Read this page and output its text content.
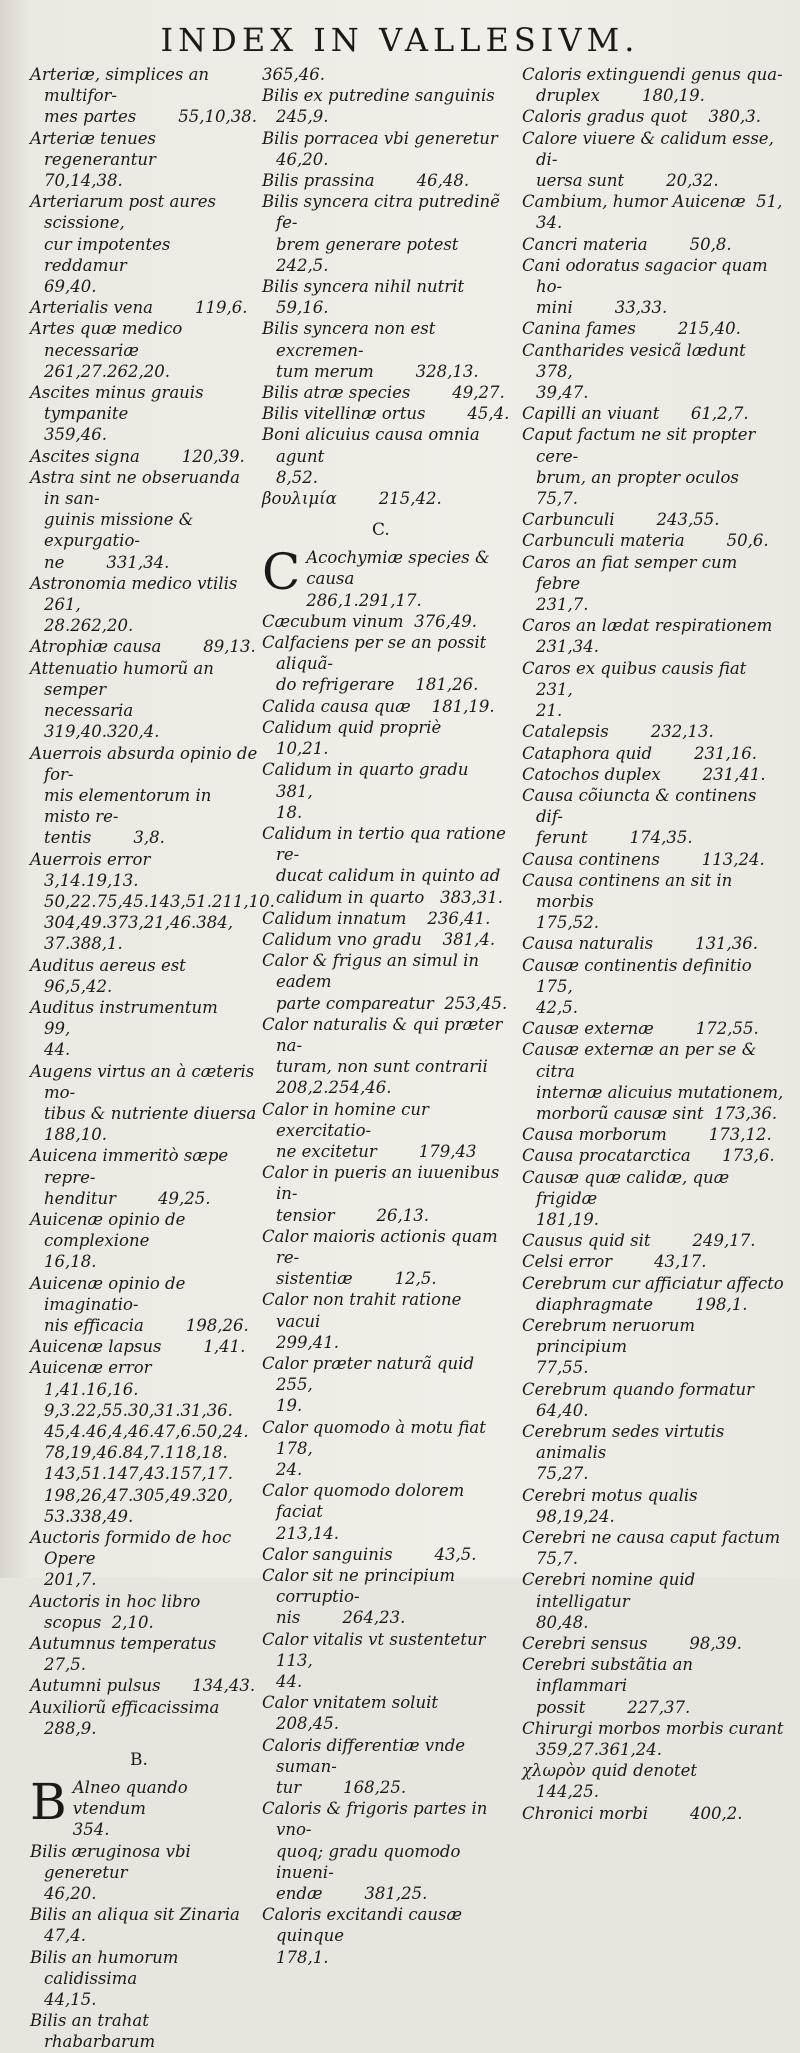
INDEX IN VALLESIVM.

Arteriæ, simplices an multifor-
mes partes        55,10,38.

Arteriæ tenues regenerantur
70,14,38.

Arteriarum post aures scissione,
cur impotentes reddamur
69,40.

Arterialis vena        119,6.

Artes quæ medico necessariæ
261,27.262,20.

Ascites minus grauis tympanite
359,46.

Ascites signa        120,39.

Astra sint ne obseruanda in san-
guinis missione & expurgatio-
ne        331,34.

Astronomia medico vtilis  261,
28.262,20.

Atrophiæ causa        89,13.

Attenuatio humorũ an semper
necessaria  319,40.320,4.

Auerrois absurda opinio de for-
mis elementorum in misto re-
tentis        3,8.

Auerrois error    3,14.19,13.
50,22.75,45.143,51.211,10.
304,49.373,21,46.384,
37.388,1.

Auditus aereus est  96,5,42.

Auditus instrumentum    99,
44.

Augens virtus an à cæteris mo-
tibus & nutriente diuersa
188,10.

Auicena immeritò sæpe repre-
henditur        49,25.

Auicenæ opinio de complexione
16,18.

Auicenæ opinio de imaginatio-
nis efficacia        198,26.

Auicenæ lapsus        1,41.

Auicenæ error   1,41.16,16.
9,3.22,55.30,31.31,36.
45,4.46,4,46.47,6.50,24.
78,19,46.84,7.118,18.
143,51.147,43.157,17.
198,26,47.305,49.320,
53.338,49.

Auctoris formido de hoc Opere
201,7.

Auctoris in hoc libro scopus  2,10.

Autumnus temperatus    27,5.

Autumni pulsus      134,43.

Auxiliorũ efficacissima  288,9.

B.
B Alneo quando vtendum
354.

Bilis æruginosa vbi generetur
46,20.

Bilis an aliqua sit Zinaria  47,4.

Bilis an humorum calidissima
44,15.

Bilis an trahat rhabarbarum

365,46.

Bilis ex putredine sanguinis
245,9.

Bilis porracea vbi generetur
46,20.

Bilis prassina        46,48.

Bilis syncera citra putredinẽ fe-
brem generare potest  242,5.

Bilis syncera nihil nutrit  59,16.

Bilis syncera non est excremen-
tum merum        328,13.

Bilis atræ species        49,27.

Bilis vitellinæ ortus        45,4.

Boni alicuius causa omnia agunt
8,52.

βουλιμία        215,42.

C.
C Acochymiæ species & causa
286,1.291,17.

Cæcubum vinum  376,49.

Calfaciens per se an possit aliquã-
do refrigerare    181,26.

Calida causa quæ    181,19.

Calidum quid propriè    10,21.

Calidum in quarto gradu  381,
18.

Calidum in tertio qua ratione re-
ducat calidum in quinto ad
calidum in quarto   383,31.

Calidum innatum    236,41.

Calidum vno gradu    381,4.

Calor & frigus an simul in eadem
parte compareatur  253,45.

Calor naturalis & qui præter na-
turam, non sunt contrarii
208,2.254,46.

Calor in homine cur exercitatio-
ne excitetur        179,43

Calor in pueris an iuuenibus in-
tensior        26,13.

Calor maioris actionis quam re-
sistentiæ        12,5.

Calor non trahit ratione vacui
299,41.

Calor præter naturã quid  255,
19.

Calor quomodo à motu fiat  178,
24.

Calor quomodo dolorem faciat
213,14.

Calor sanguinis        43,5.

Calor sit ne principium corruptio-
nis        264,23.

Calor vitalis vt sustentetur  113,
44.

Calor vnitatem soluit   208,45.

Caloris differentiæ vnde suman-
tur        168,25.

Caloris & frigoris partes in vno-
quoq; gradu quomodo inueni-
endæ        381,25.

Caloris excitandi causæ quinque
178,1.

Caloris extinguendi genus qua-
druplex        180,19.

Caloris gradus quot    380,3.

Calore viuere & calidum esse, di-
uersa sunt        20,32.

Cambium, humor Auicenæ  51,
34.

Cancri materia        50,8.

Cani odoratus sagacior quam ho-
mini        33,33.

Canina fames        215,40.

Cantharides vesicã lædunt  378,
39,47.

Capilli an viuant      61,2,7.

Caput factum ne sit propter cere-
brum, an propter oculos  75,7.

Carbunculi        243,55.

Carbunculi materia        50,6.

Caros an fiat semper cum febre
231,7.

Caros an lædat respirationem
231,34.

Caros ex quibus causis fiat  231,
21.

Catalepsis        232,13.

Cataphora quid        231,16.

Catochos duplex        231,41.

Causa cõiuncta & continens dif-
ferunt        174,35.

Causa continens        113,24.

Causa continens an sit in morbis
175,52.

Causa naturalis        131,36.

Causæ continentis definitio  175,
42,5.

Causæ externæ        172,55.

Causæ externæ an per se & citra
internæ alicuius mutationem,
morborũ causæ sint  173,36.

Causa morborum        173,12.

Causa procatarctica      173,6.

Causæ quæ calidæ, quæ frigidæ
181,19.

Causus quid sit        249,17.

Celsi error        43,17.

Cerebrum cur afficiatur affecto
diaphragmate        198,1.

Cerebrum neruorum principium
77,55.

Cerebrum quando formatur
64,40.

Cerebrum sedes virtutis animalis
75,27.

Cerebri motus qualis  98,19,24.

Cerebri ne causa caput factum
75,7.

Cerebri nomine quid intelligatur
80,48.

Cerebri sensus        98,39.

Cerebri substãtia an inflammari
possit        227,37.

Chirurgi morbos morbis curant
359,27.361,24.

χλωρὸν quid denotet     144,25.

Chronici morbi        400,2.
